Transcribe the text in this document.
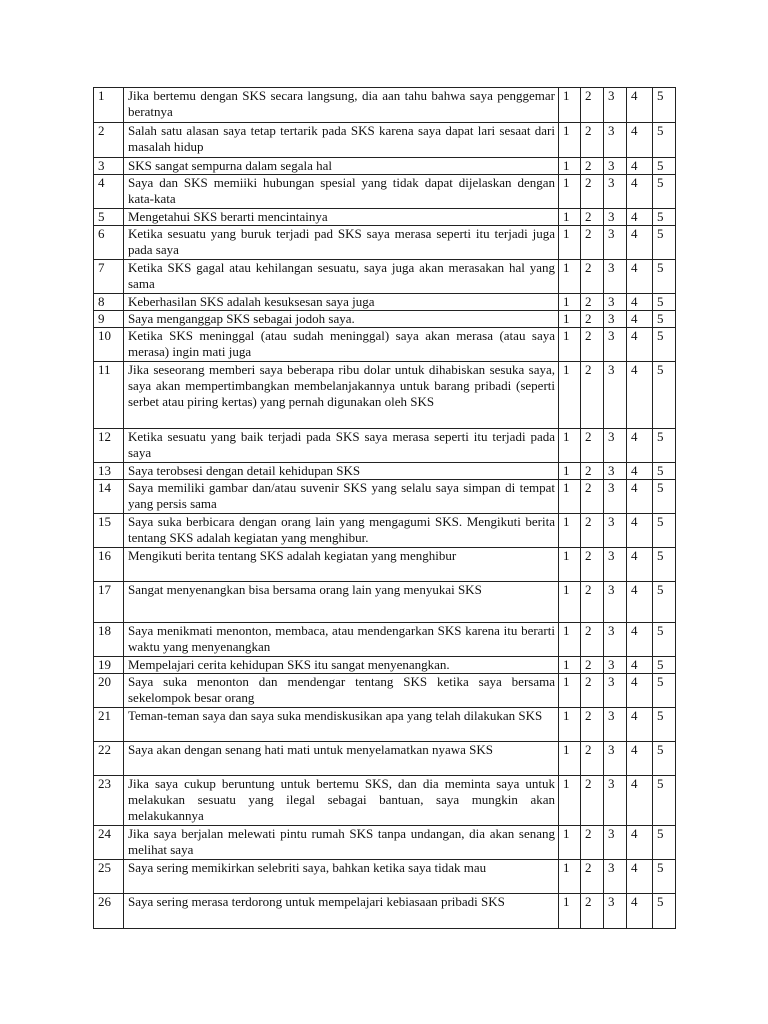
1	Jika bertemu dengan SKS secara langsung, dia aan tahu bahwa saya penggemar beratnya	1	2	3	4	5
2	Salah satu alasan saya tetap tertarik pada SKS karena saya dapat lari sesaat dari masalah hidup	1	2	3	4	5
3	SKS sangat sempurna dalam segala hal	1	2	3	4	5
4	Saya dan SKS memiiki hubungan spesial yang tidak dapat dijelaskan dengan kata-kata	1	2	3	4	5
5	Mengetahui SKS berarti mencintainya	1	2	3	4	5
6	Ketika sesuatu yang buruk terjadi pad SKS saya merasa seperti itu terjadi juga pada saya	1	2	3	4	5
7	Ketika SKS gagal atau kehilangan sesuatu, saya juga akan merasakan hal yang sama	1	2	3	4	5
8	Keberhasilan SKS adalah kesuksesan saya juga	1	2	3	4	5
9	Saya menganggap SKS sebagai jodoh saya.	1	2	3	4	5
10	Ketika SKS meninggal (atau sudah meninggal) saya akan merasa (atau saya merasa) ingin mati juga	1	2	3	4	5
11	Jika seseorang memberi saya beberapa ribu dolar untuk dihabiskan sesuka saya, saya akan mempertimbangkan membelanjakannya untuk barang pribadi (seperti serbet atau piring kertas) yang pernah digunakan oleh SKS	1	2	3	4	5
12	Ketika sesuatu yang baik terjadi pada SKS saya merasa seperti itu terjadi pada saya	1	2	3	4	5
13	Saya terobsesi dengan detail kehidupan SKS	1	2	3	4	5
14	Saya memiliki gambar dan/atau suvenir SKS yang selalu saya simpan di tempat yang persis sama	1	2	3	4	5
15	Saya suka berbicara dengan orang lain yang mengagumi SKS. Mengikuti berita tentang SKS adalah kegiatan yang menghibur.	1	2	3	4	5
16	Mengikuti berita tentang SKS adalah kegiatan yang menghibur	1	2	3	4	5
17	Sangat menyenangkan bisa bersama orang lain yang menyukai SKS	1	2	3	4	5
18	Saya menikmati menonton, membaca, atau mendengarkan SKS karena itu berarti waktu yang menyenangkan	1	2	3	4	5
19	Mempelajari cerita kehidupan SKS itu sangat menyenangkan.	1	2	3	4	5
20	Saya suka menonton dan mendengar tentang SKS ketika saya bersama sekelompok besar orang	1	2	3	4	5
21	Teman-teman saya dan saya suka mendiskusikan apa yang telah dilakukan SKS	1	2	3	4	5
22	Saya akan dengan senang hati mati untuk menyelamatkan nyawa SKS	1	2	3	4	5
23	Jika saya cukup beruntung untuk bertemu SKS, dan dia meminta saya untuk melakukan sesuatu yang ilegal sebagai bantuan, saya mungkin akan melakukannya	1	2	3	4	5
24	Jika saya berjalan melewati pintu rumah SKS tanpa undangan, dia akan senang melihat saya	1	2	3	4	5
25	Saya sering memikirkan selebriti saya, bahkan ketika saya tidak mau	1	2	3	4	5
26	Saya sering merasa terdorong untuk mempelajari kebiasaan pribadi SKS	1	2	3	4	5
